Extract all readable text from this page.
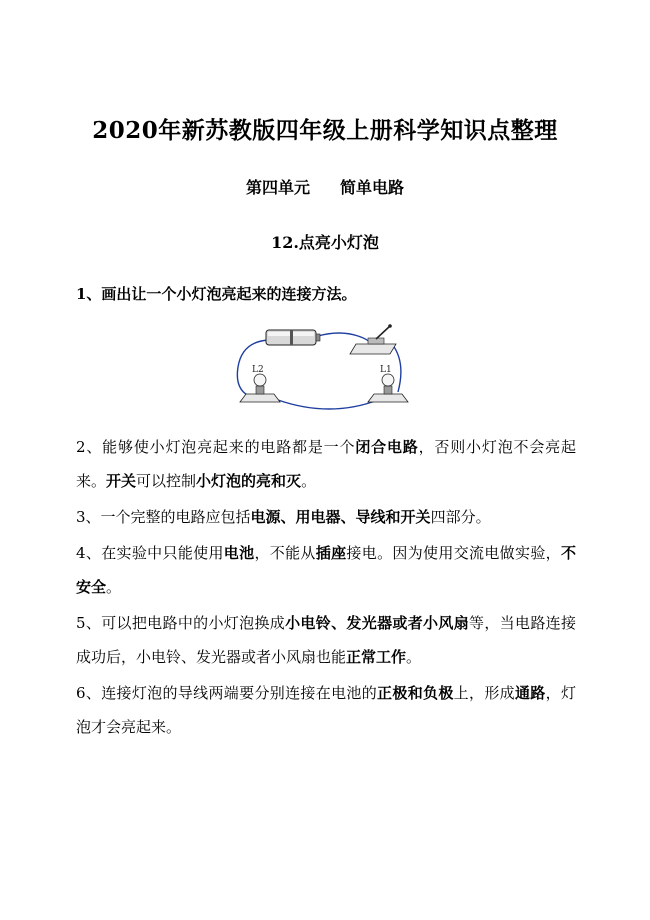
2020年新苏教版四年级上册科学知识点整理
第四单元 简单电路
12.点亮小灯泡
1、画出让一个小灯泡亮起来的连接方法。
L2	L1

2、能够使小灯泡亮起来的电路都是一个闭合电路，否则小灯泡不会亮起来。开关可以控制小灯泡的亮和灭。

3、一个完整的电路应包括电源、用电器、导线和开关四部分。

4、在实验中只能使用电池，不能从插座接电。因为使用交流电做实验，不安全。

5、可以把电路中的小灯泡换成小电铃、发光器或者小风扇等，当电路连接成功后，小电铃、发光器或者小风扇也能正常工作。

6、连接灯泡的导线两端要分别连接在电池的正极和负极上，形成通路，灯泡才会亮起来。
